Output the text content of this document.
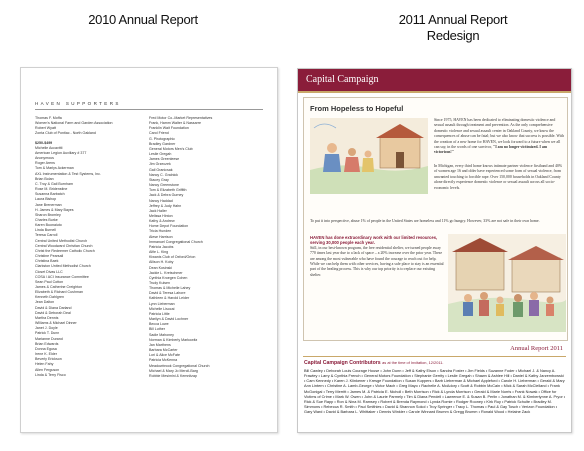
2010 Annual Report	2011 Annual Report
Redesign
HAVEN SUPPORTERS
Thomas F. Moffa
Women's National Farm and Garden Association
Robert Wyatt
Zonta Club of Pontiac - North Oakland
$250-$499
Michelle Accavitti
American Legion Auxiliary # 377
Anonymous
Roger Arens
Tom & Marlys Ackerman
AXL Instrumentation & Test Systems, Inc.
Brian Bolan
C. Troy & Gail Burnham
Rose M. Bridenstine
Susanna Barbatch
Laura Bishop
Jane Brenerman
H. James & Mary Bayes
Sharon Bromley
Charles Burke
Karen Buonaiuto
Linda Burnell
Teresa Carroll
Central United Methodist Church
Central Woodward Christian Church
Christ the Redeemer Catholic Church
Christine Pearsall
Christina Baek
Clarkston United Methodist Church
Closet Divas LLC
COSA / ACI Insurance Committee
Sean Paul Cotton
James & Catherine Creighton
Elizabeth & Richard Cushman
Kenneth Dahlgren
Jean Dalton
David & Diana Darland
David & Deborah Deal
Martha Dennis
Williams & Michael Dinner
Janet J. Doyle
Patrick T. Dunn
Marianne Durand
Brian Edwards
Donna Egusa
Irene K. Elder
Beverly Erickson
Helen Fahy
Allen Ferguson
Linda & Terry Fisco
Fred Motor Co.-Market Representatives
Frank, Hamm Walter & Nassarre
Franklin Wait Foundation
Carol Friend
G. Photographic
Bradley Gardner
General Motors Men's Club
Leslie Gregah
James Greenleese
Jim Grzeczek
Gail Granicsak
Nancy C. Gralnick
Stacey Gray
Nancy Greenstone
Tom & Elizabeth Griffith
Jack & Debra Gurney
Nancy Haddad
Jeffrey & Judy Hahn
Jack Haller
Melissa Hinton
Kathy & Andrew
Home Depot Foundation
Tricia Hunden
Alese Harrison
Immanuel Congregational Church
Patricia Jacobs
Alfie L. King
Kiwanis Club of Oxford/Orion
Allison H. Koby
Dean Kosinski
Jackie L. Kretschmer
Cynthia Kroegen Cohen
Trudy Kulsen
Thomas & Michelle Lahey
David & Teresa Lahore
Kathleen & Harold Leider
Lynn Lieberman
Michelle Lisocai
Patricia Little
Marilyn & David Lochner
Becca Lowe
Bill Luther
Sadie Mahoney
Norman & Kimberly Markowitz
Jan Marthens
Barbara McCarter
Lori & Alice McFate
Patricia McKenna
Meadowbrook Congregational Church
Michael & Mary Jo Mercil-Barg
Robbie Mesimini & Kemnitzap
Capital Campaign
From Hopeless to Hopeful
Since 1975, HAVEN has been dedicated to eliminating domestic violence and sexual assault through treatment and prevention. As the only comprehensive domestic violence and sexual assault center in Oakland County, we know the consequences of abuse can be fatal; but we also know that success is possible. With the creation of a new home for HAVEN, we look forward to a future when we all can say, in the words of one survivor, "I am no longer victimized. I am victorious!"
In Michigan, every third home knows intimate partner violence firsthand and 40% of women age 16 and older have experienced some form of sexual violence, from unwanted touching to forcible rape. Over 150,000 households in Oakland County alone directly experience domestic violence or sexual assault across all socio-economic levels.
To put it into perspective, abuse 1% of people in the United States are homeless and 11% go hungry. However, 33% are not safe in their own home.
HAVEN has done extraordinary work with our limited resources, serving 30,000 people each year.
Still, in our best-known program, the free residential shelter, we turned people away 770 times last year due to a lack of space – a 20% increase over the prior year. These are among the most vulnerable who have found the courage to reach out for help. While we can help them with other services, having a safe place to stay is an essential part of the healing process. This is why our top priority is to replace our existing shelter.
Annual Report 2011
Capital Campaign Contributors as at the time of Invitation, 12/2011.
Bill Cawley • Deborah Louis Courage House • John Dunn • Jeff & Kathy Elson • Sandra Foster • Jim Fields • Suzanne Foder • Michael J. & Nancy A. Frawley • Larry & Cynthia French • General Motors Foundation • Stephanie Gerrity • Leslie Gregah • Shawn & Ashlee Hill • Daniel & Kathy Jarzembowski • Cam Kennedy • Karen J. Klinkener • Kresge Foundation • Susan Kuppers • Barb Lieberman & Michael Appleford • Carole H. Lieberman • Gerald & Mary Ann Lintern • Christine A. Lamb-George • Victor Mach • Greg Mayo • Rachelle A. McAdory • Scott & Robbin McCain • Mick & Sarah McClelland • Frank McGonigal • Terry Merritt • James M. & Patricia E. Nicholl • Beth Morrison • Rick & Lynda Morrison • Gerald & Marie Norris • Frank Nowak • Office for Victims of Crime • Mark W. Owen • John & Laurie Parmely • Tim & Diana Pendell • Lawrence E. & Susan B. Perlin • Jonathan M. & Kimberlynne A. Pryor • Rick & Sue Rapp • Ron & Nina M. Ramsey • Robert & Brenda Raymond • Lynda Romie • Rodger Rooney • Kirk Ruy • Patrick Schulte • Bradley M. Simmons • Rebecca R. Smith • Paul Smithies • David & Shannon Sokol • Troy Springer • Tracy L. Thomas • Paul & Gay Tosch • Verizon Foundation • Gary Ward • David & Barbara L. Whittaker • Dennis Winkler • Carole Winnard Brumm & Gregg Brumm • Ronald Wood • Helaine Zack
